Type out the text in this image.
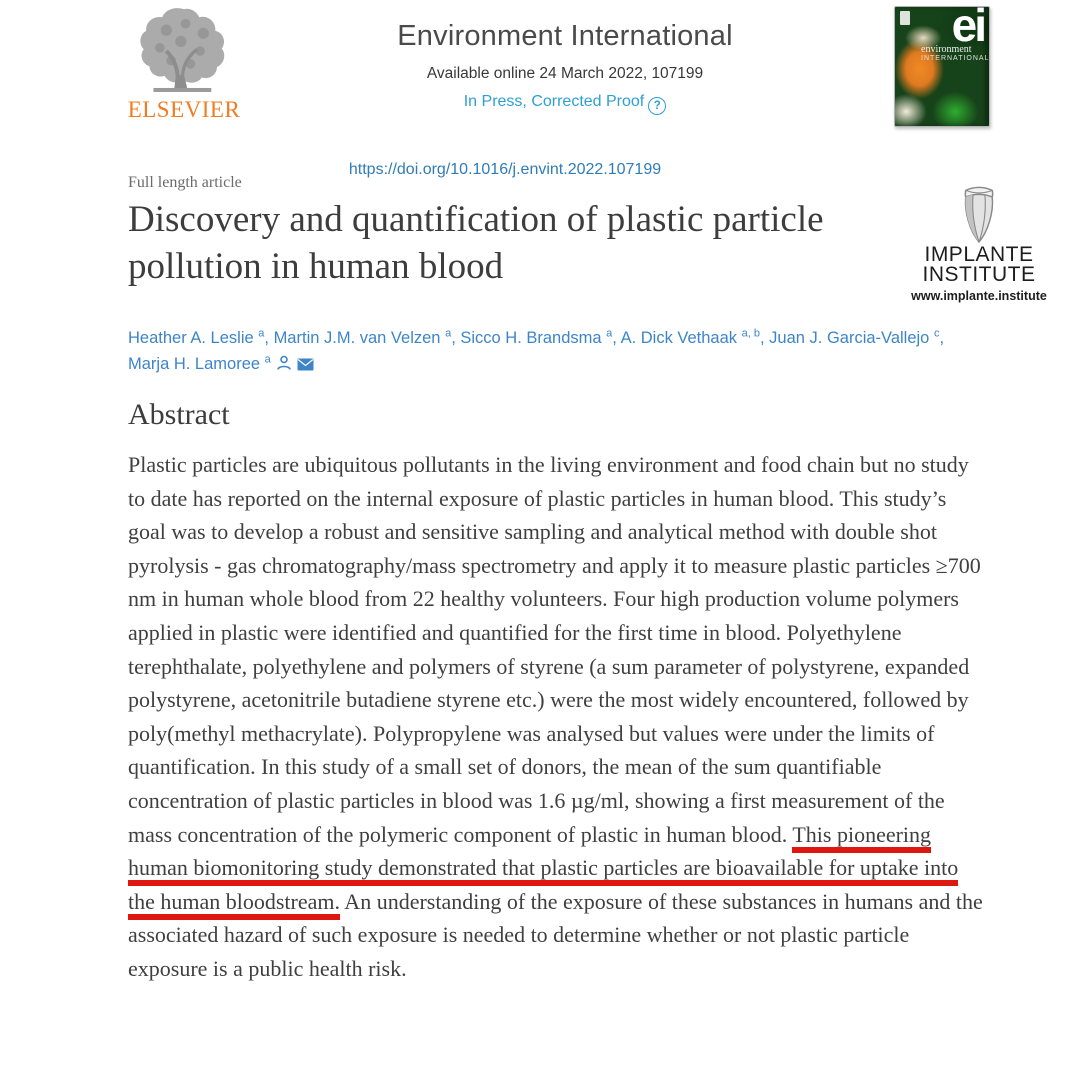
ELSEVIER
Environment International
Available online 24 March 2022, 107199
In Press, Corrected Proof ?
ei
environment
INTERNATIONAL
https://doi.org/10.1016/j.envint.2022.107199
Full length article
Discovery and quantification of plastic particle
pollution in human blood	IMPLANTE
INSTITUTE
www.implante.institute
Heather A. Leslie $^a$, Martin J.M. van Velzen $^a$, Sicco H. Brandsma $^a$, A. Dick Vethaak $^{a, b}$, Juan J. Garcia-Vallejo $^c$, Marja H. Lamoree $^a$
Abstract

Plastic particles are ubiquitous pollutants in the living environment and food chain but no study to date has reported on the internal exposure of plastic particles in human blood. This study’s goal was to develop a robust and sensitive sampling and analytical method with double shot pyrolysis - gas chromatography/mass spectrometry and apply it to measure plastic particles ≥700 nm in human whole blood from 22 healthy volunteers. Four high production volume polymers applied in plastic were identified and quantified for the first time in blood. Polyethylene terephthalate, polyethylene and polymers of styrene (a sum parameter of polystyrene, expanded polystyrene, acetonitrile butadiene styrene etc.) were the most widely encountered, followed by poly(methyl methacrylate). Polypropylene was analysed but values were under the limits of quantification. In this study of a small set of donors, the mean of the sum quantifiable concentration of plastic particles in blood was 1.6 µg/ml, showing a first measurement of the mass concentration of the polymeric component of plastic in human blood. This pioneering human biomonitoring study demonstrated that plastic particles are bioavailable for uptake into the human bloodstream. An understanding of the exposure of these substances in humans and the associated hazard of such exposure is needed to determine whether or not plastic particle exposure is a public health risk.
